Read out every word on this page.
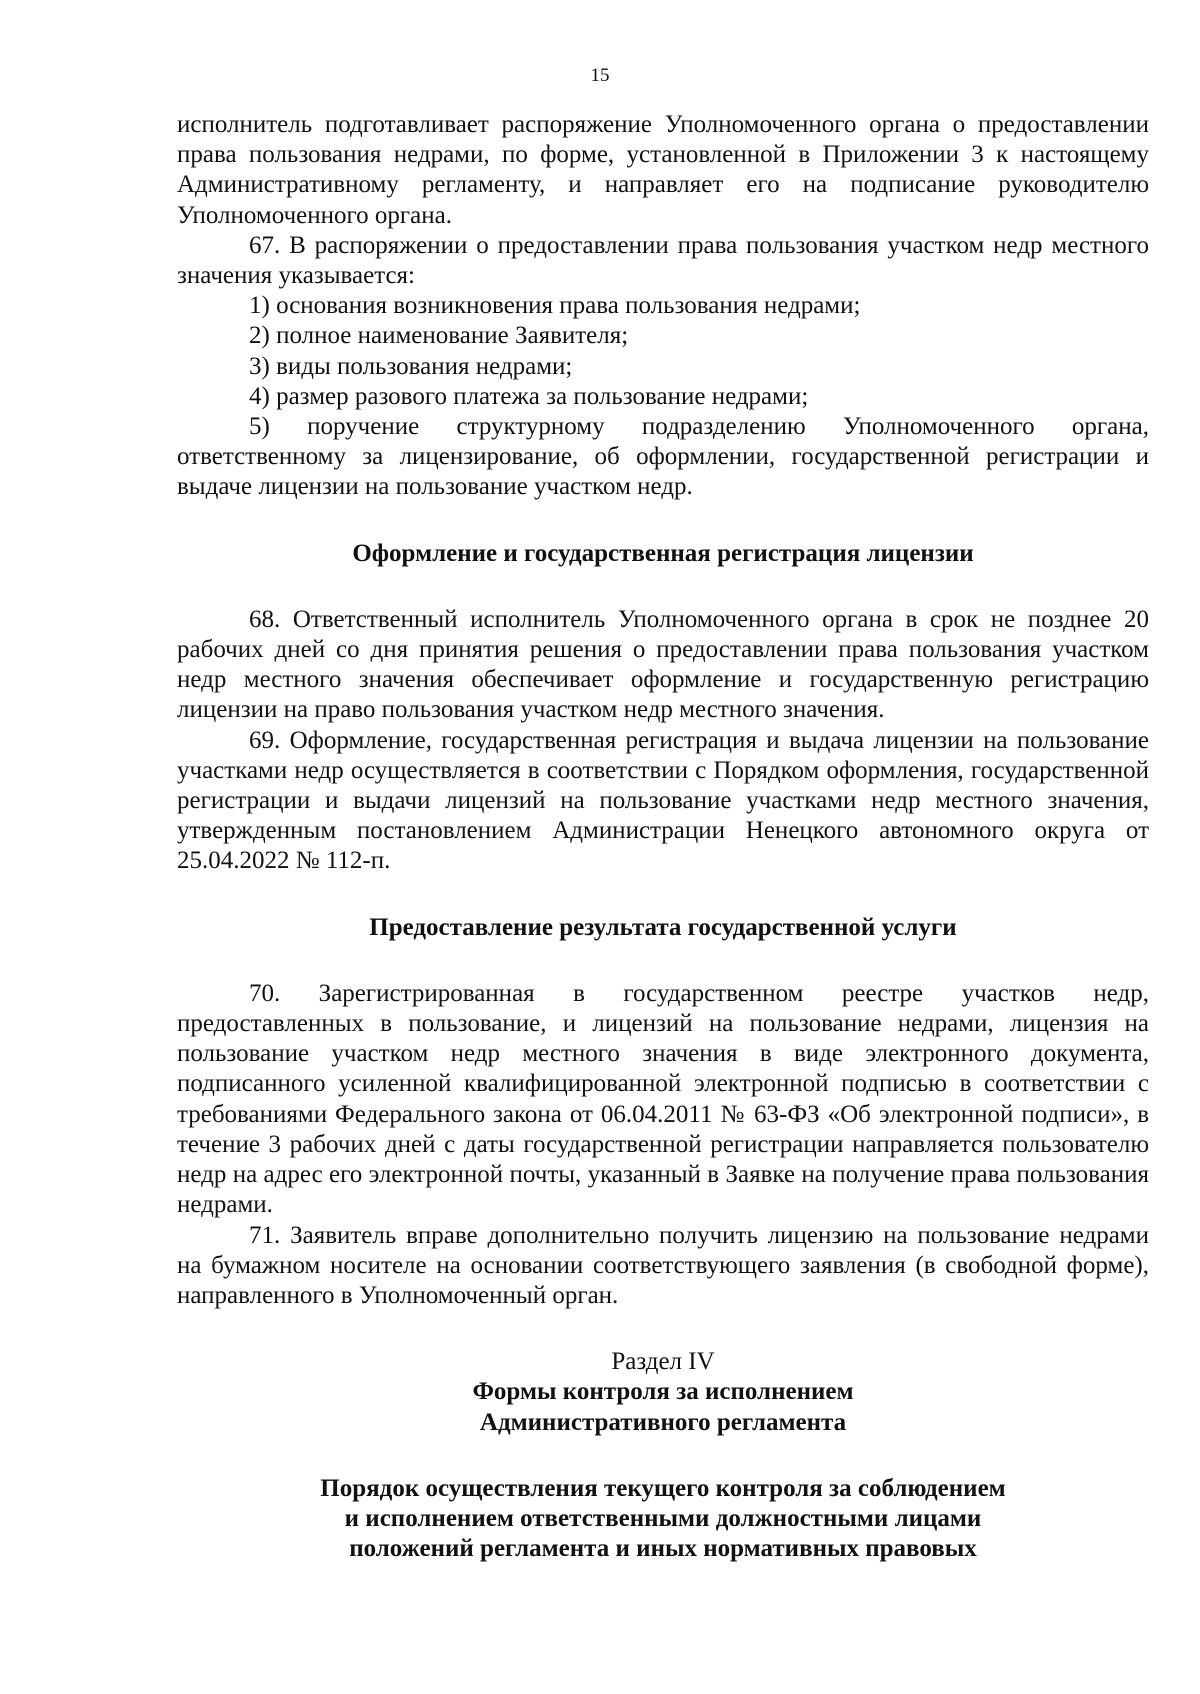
15

исполнитель подготавливает распоряжение Уполномоченного органа о предоставлении права пользования недрами, по форме, установленной в Приложении 3 к настоящему Административному регламенту, и направляет его на подписание руководителю Уполномоченного органа.

67. В распоряжении о предоставлении права пользования участком недр местного значения указывается:

1) основания возникновения права пользования недрами;

2) полное наименование Заявителя;

3) виды пользования недрами;

4) размер разового платежа за пользование недрами;

5) поручение структурному подразделению Уполномоченного органа, ответственному за лицензирование, об оформлении, государственной регистрации и выдаче лицензии на пользование участком недр.

Оформление и государственная регистрация лицензии

68. Ответственный исполнитель Уполномоченного органа в срок не позднее 20 рабочих дней со дня принятия решения о предоставлении права пользования участком недр местного значения обеспечивает оформление и государственную регистрацию лицензии на право пользования участком недр местного значения.

69. Оформление, государственная регистрация и выдача лицензии на пользование участками недр осуществляется в соответствии с Порядком оформления, государственной регистрации и выдачи лицензий на пользование участками недр местного значения, утвержденным постановлением Администрации Ненецкого автономного округа от 25.04.2022 № 112-п.

Предоставление результата государственной услуги

70. Зарегистрированная в государственном реестре участков недр, предоставленных в пользование, и лицензий на пользование недрами, лицензия на пользование участком недр местного значения в виде электронного документа, подписанного усиленной квалифицированной электронной подписью в соответствии с требованиями Федерального закона от 06.04.2011 № 63-ФЗ «Об электронной подписи», в течение 3 рабочих дней с даты государственной регистрации направляется пользователю недр на адрес его электронной почты, указанный в Заявке на получение права пользования недрами.

71. Заявитель вправе дополнительно получить лицензию на пользование недрами на бумажном носителе на основании соответствующего заявления (в свободной форме), направленного в Уполномоченный орган.

Раздел IV

Формы контроля за исполнением

Административного регламента

Порядок осуществления текущего контроля за соблюдением

и исполнением ответственными должностными лицами

положений регламента и иных нормативных правовых
